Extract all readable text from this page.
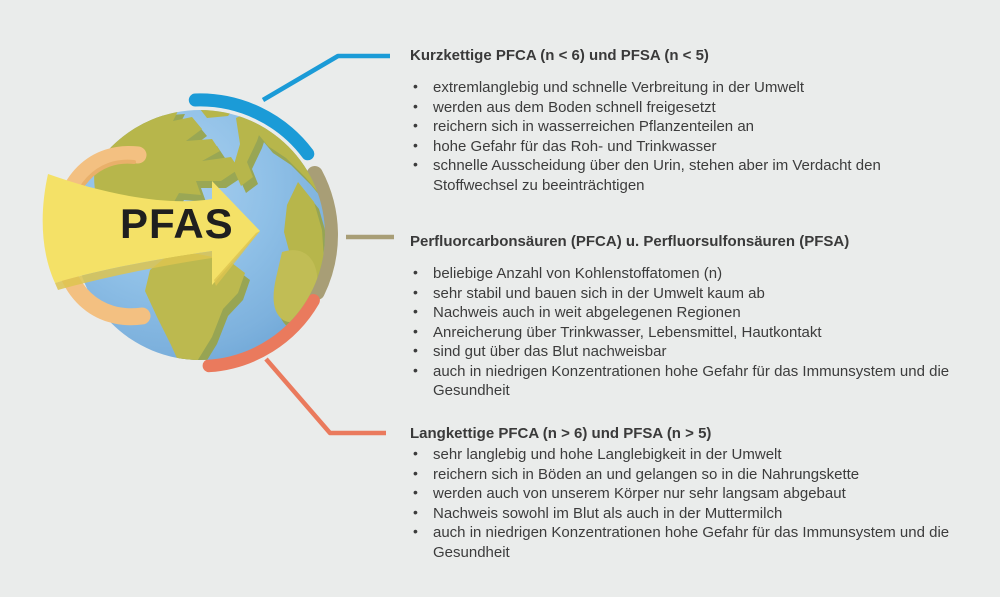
PFAS
Kurzkettige PFCA (n < 6) und PFSA (n < 5)
• extremlanglebig und schnelle Verbreitung in der Umwelt
• werden aus dem Boden schnell freigesetzt
• reichern sich in wasserreichen Pflanzenteilen an
• hohe Gefahr für das Roh- und Trinkwasser
• schnelle Ausscheidung über den Urin, stehen aber im Verdacht den Stoffwechsel zu beeinträchtigen
Perfluorcarbonsäuren (PFCA) u. Perfluorsulfonsäuren (PFSA)
• beliebige Anzahl von Kohlenstoffatomen (n)
• sehr stabil und bauen sich in der Umwelt kaum ab
• Nachweis auch in weit abgelegenen Regionen
• Anreicherung über Trinkwasser, Lebensmittel, Hautkontakt
• sind gut über das Blut nachweisbar
• auch in niedrigen Konzentrationen hohe Gefahr für das Immunsystem und die Gesundheit
Langkettige PFCA (n > 6) und PFSA (n > 5)
• sehr langlebig und hohe Langlebigkeit in der Umwelt
• reichern sich in Böden an und gelangen so in die Nahrungskette
• werden auch von unserem Körper nur sehr langsam abgebaut
• Nachweis sowohl im Blut als auch in der Muttermilch
• auch in niedrigen Konzentrationen hohe Gefahr für das Immunsystem und die Gesundheit
